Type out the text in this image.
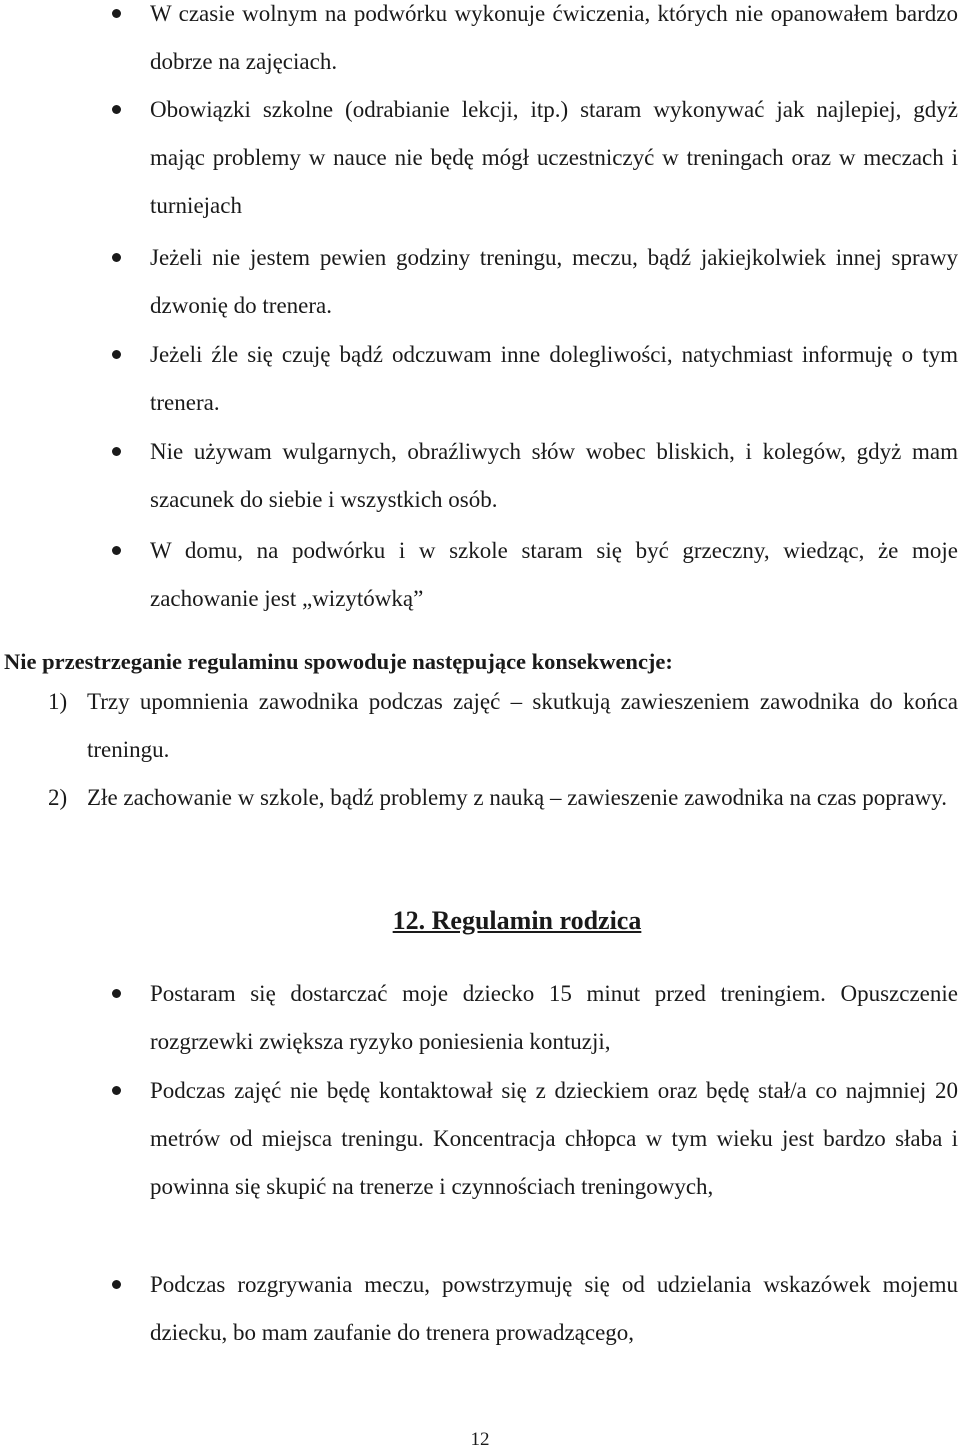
W czasie wolnym na podwórku wykonuje ćwiczenia, których nie opanowałem bardzo dobrze na zajęciach.

Obowiązki szkolne (odrabianie lekcji, itp.) staram wykonywać jak najlepiej, gdyż mając problemy w nauce nie będę mógł uczestniczyć w treningach oraz w meczach i turniejach

Jeżeli nie jestem pewien godziny treningu, meczu, bądź jakiejkolwiek innej sprawy dzwonię do trenera.

Jeżeli źle się czuję bądź odczuwam inne dolegliwości, natychmiast informuję o tym trenera.

Nie używam wulgarnych, obraźliwych słów wobec bliskich, i kolegów, gdyż mam szacunek do siebie i wszystkich osób.

W domu, na podwórku i w szkole staram się być grzeczny, wiedząc, że moje zachowanie jest „wizytówką”

Nie przestrzeganie regulaminu spowoduje następujące konsekwencje:

1) Trzy upomnienia zawodnika podczas zajęć – skutkują zawieszeniem zawodnika do końca treningu.
2) Złe zachowanie w szkole, bądź problemy z nauką – zawieszenie zawodnika na czas poprawy.

12. Regulamin rodzica

Postaram się dostarczać moje dziecko 15 minut przed treningiem. Opuszczenie rozgrzewki zwiększa ryzyko poniesienia kontuzji,

Podczas zajęć nie będę kontaktował się z dzieckiem oraz będę stał/a co najmniej 20 metrów od miejsca treningu. Koncentracja chłopca w tym wieku jest bardzo słaba i powinna się skupić na trenerze i czynnościach treningowych,

Podczas rozgrywania meczu, powstrzymuję się od udzielania wskazówek mojemu dziecku, bo mam zaufanie do trenera prowadzącego,

12
